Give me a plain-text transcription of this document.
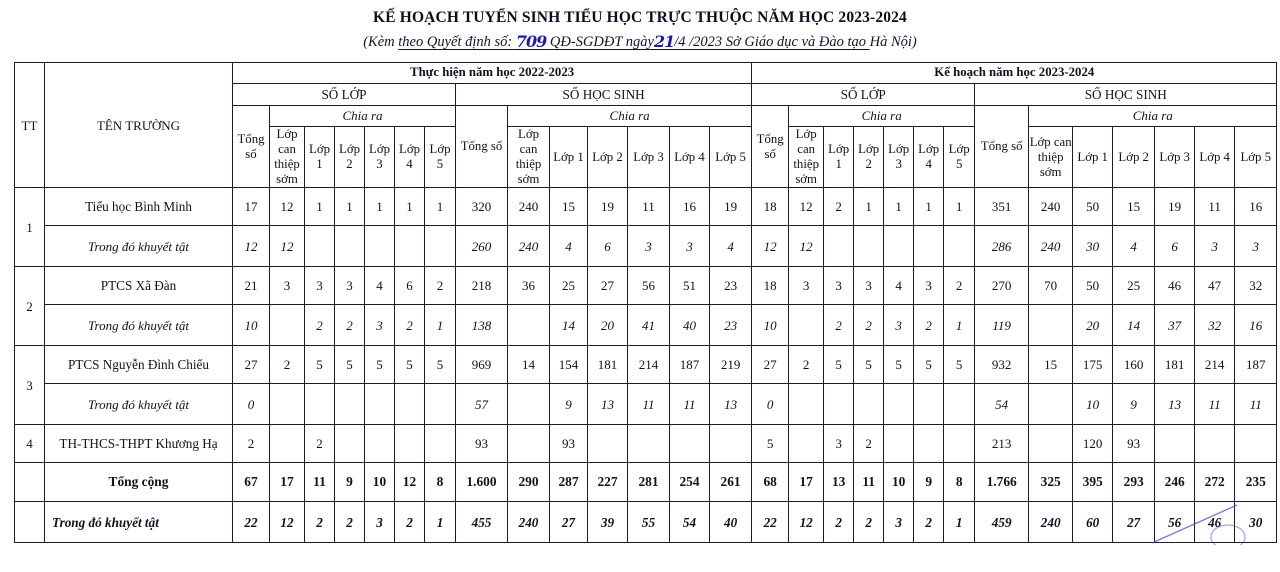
KẾ HOẠCH TUYỂN SINH TIỂU HỌC TRỰC THUỘC NĂM HỌC 2023-2024
(Kèm theo Quyết định số: 709 QĐ-SGDĐT ngày21/4 /2023 Sở Giáo dục và Đào tạo Hà Nội)
TT	TÊN TRƯỜNG	Thực hiện năm học 2022-2023														Kế hoạch năm học 2023-2024													
		SỐ LỚP							SỐ HỌC SINH							SỐ LỚP							SỐ HỌC SINH						
		Tổng số	Chia ra						Tổng số	Chia ra						Tổng số	Chia ra						Tổng số	Chia ra					
			Lớp can thiệp sớm	Lớp 1	Lớp 2	Lớp 3	Lớp 4	Lớp 5		Lớp can thiệp sớm	Lớp 1	Lớp 2	Lớp 3	Lớp 4	Lớp 5		Lớp can thiệp sớm	Lớp 1	Lớp 2	Lớp 3	Lớp 4	Lớp 5		Lớp can thiệp sớm	Lớp 1	Lớp 2	Lớp 3	Lớp 4	Lớp 5
1	Tiểu học Bình Minh	17	12	1	1	1	1	1	320	240	15	19	11	16	19	18	12	2	1	1	1	1	351	240	50	15	19	11	16
	Trong đó khuyết tật	12	12						260	240	4	6	3	3	4	12	12						286	240	30	4	6	3	3
2	PTCS Xã Đàn	21	3	3	3	4	6	2	218	36	25	27	56	51	23	18	3	3	3	4	3	2	270	70	50	25	46	47	32
	Trong đó khuyết tật	10		2	2	3	2	1	138		14	20	41	40	23	10		2	2	3	2	1	119		20	14	37	32	16
3	PTCS Nguyễn Đình Chiểu	27	2	5	5	5	5	5	969	14	154	181	214	187	219	27	2	5	5	5	5	5	932	15	175	160	181	214	187
	Trong đó khuyết tật	0							57		9	13	11	11	13	0							54		10	9	13	11	11
4	TH-THCS-THPT Khương Hạ	2		2					93		93					5		3	2				213		120	93			
	Tổng cộng	67	17	11	9	10	12	8	1.600	290	287	227	281	254	261	68	17	13	11	10	9	8	1.766	325	395	293	246	272	235
	Trong đó khuyết tật	22	12	2	2	3	2	1	455	240	27	39	55	54	40	22	12	2	2	3	2	1	459	240	60	27	56	46	30
